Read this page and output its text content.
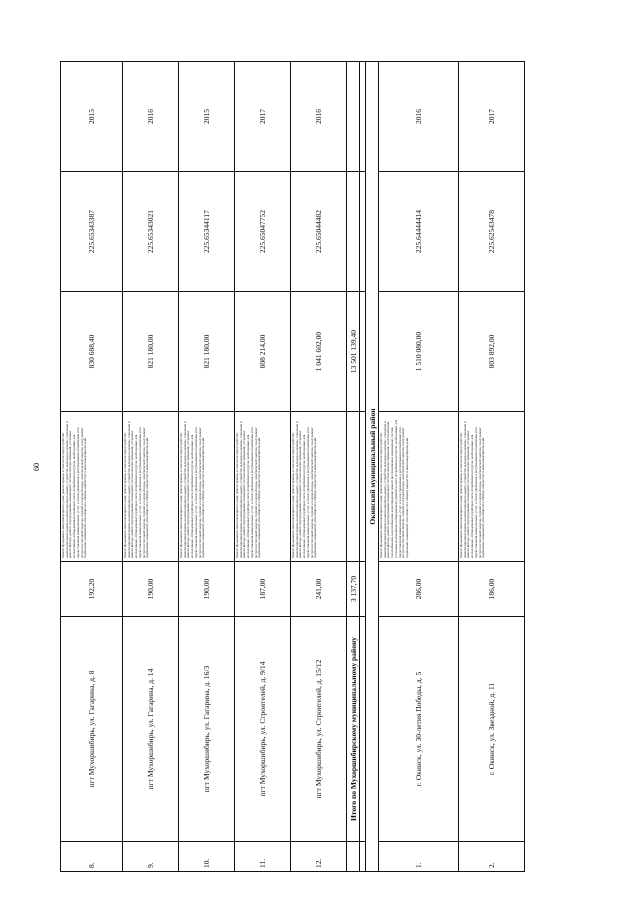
60
8.	пгт Мухоршибирь, ул. Гагарина, д. 8	192,20	Ремонт фундамента многоквартирного дома; ремонт крыши, в том числе переустройство невентилируемой крыши на вентилируемую крышу, устройство выходов на кровлю; утепление и ремонт фасада; ремонт внутридомовых инженерных систем электроснабжения; установка коллективных (общедомовых) приборов учета потребления ресурсов, необходимых для предоставления коммунальных услуг, и узлов управления и регулирования потребления этих ресурсов (тепловой энергии, горячей и холодной воды, электрической энергии, газа); ремонт подвальных помещений, относящихся к общему имуществу в многоквартирном доме	830 688,40	225.65343387	2015
9.	пгт Мухоршибирь, ул. Гагарина, д. 14	190,00	Ремонт фундамента многоквартирного дома; ремонт крыши, в том числе переустройство невентилируемой крыши на вентилируемую крышу, устройство выходов на кровлю; утепление и ремонт фасада; ремонт внутридомовых инженерных систем электроснабжения; установка коллективных (общедомовых) приборов учета потребления ресурсов, необходимых для предоставления коммунальных услуг, и узлов управления и регулирования потребления этих ресурсов (тепловой энергии, горячей и холодной воды, электрической энергии, газа); ремонт подвальных помещений, относящихся к общему имуществу в многоквартирном доме	821 180,00	225.65343021	2016
10.	пгт Мухоршибирь, ул. Гагарина, д. 16/3	190,00	Ремонт фундамента многоквартирного дома; ремонт крыши, в том числе переустройство невентилируемой крыши на вентилируемую крышу, устройство выходов на кровлю; утепление и ремонт фасада; ремонт внутридомовых инженерных систем электроснабжения; установка коллективных (общедомовых) приборов учета потребления ресурсов, необходимых для предоставления коммунальных услуг, и узлов управления и регулирования потребления этих ресурсов (тепловой энергии, горячей и холодной воды, электрической энергии, газа); ремонт подвальных помещений, относящихся к общему имуществу в многоквартирном доме	821 180,00	225.65344117	2015
11.	пгт Мухоршибирь, ул. Строителей, д. 9/14	187,00	Ремонт фундамента многоквартирного дома; ремонт крыши, в том числе переустройство невентилируемой крыши на вентилируемую крышу, устройство выходов на кровлю; утепление и ремонт фасада; ремонт внутридомовых инженерных систем электроснабжения; установка коллективных (общедомовых) приборов учета потребления ресурсов, необходимых для предоставления коммунальных услуг, и узлов управления и регулирования потребления этих ресурсов (тепловой энергии, горячей и холодной воды, электрической энергии, газа); ремонт подвальных помещений, относящихся к общему имуществу в многоквартирном доме	808 214,00	225.65047752	2017
12.	пгт Мухоршибирь, ул. Строителей, д. 15/12	241,00	Ремонт фундамента многоквартирного дома; ремонт крыши, в том числе переустройство невентилируемой крыши на вентилируемую крышу, устройство выходов на кровлю; утепление и ремонт фасада; ремонт внутридомовых инженерных систем электроснабжения; установка коллективных (общедомовых) приборов учета потребления ресурсов, необходимых для предоставления коммунальных услуг, и узлов управления и регулирования потребления этих ресурсов (тепловой энергии, горячей и холодной воды, электрической энергии, газа); ремонт подвальных помещений, относящихся к общему имуществу в многоквартирном доме	1 041 602,00	225.65044482	2016
	Итого по Мухоршибирскому муниципальному району	3 137,70		13 501 139,40		

Окинский муниципальный район						
1.	г. Окинск, ул. 30-летия Победы, д. 5	286,00	Ремонт фундамента многоквартирного дома; ремонт крыши, в том числе переустройство невентилируемой крыши на вентилируемую крышу, устройство выходов на кровлю; утепление и ремонт фасада; ремонт внутридомовых инженерных систем электроснабжения, теплоснабжения, газоснабжения, водоснабжения, водоотведения; ремонт внутридомовых инженерных систем; установка коллективных (общедомовых) приборов учета потребления ресурсов, необходимых для предоставления коммунальных услуг, и узлов управления и регулирования потребления этих ресурсов (тепловой энергии, горячей и холодной воды, электрической энергии, газа); ремонт подвальных помещений, относящихся к общему имуществу в многоквартирном доме	1 510 080,00	225.64444414	2016
2.	г. Окинск, ул. Звездной, д. 11	186,00	Ремонт фундамента многоквартирного дома; ремонт крыши, в том числе переустройство невентилируемой крыши на вентилируемую крышу, устройство выходов на кровлю; утепление и ремонт фасада; ремонт внутридомовых инженерных систем электроснабжения; установка коллективных (общедомовых) приборов учета потребления ресурсов, необходимых для предоставления коммунальных услуг, и узлов управления и регулирования потребления этих ресурсов (тепловой энергии, горячей и холодной воды, электрической энергии, газа); ремонт подвальных помещений, относящихся к общему имуществу в многоквартирном доме	803 892,00	225.62543478	2017
